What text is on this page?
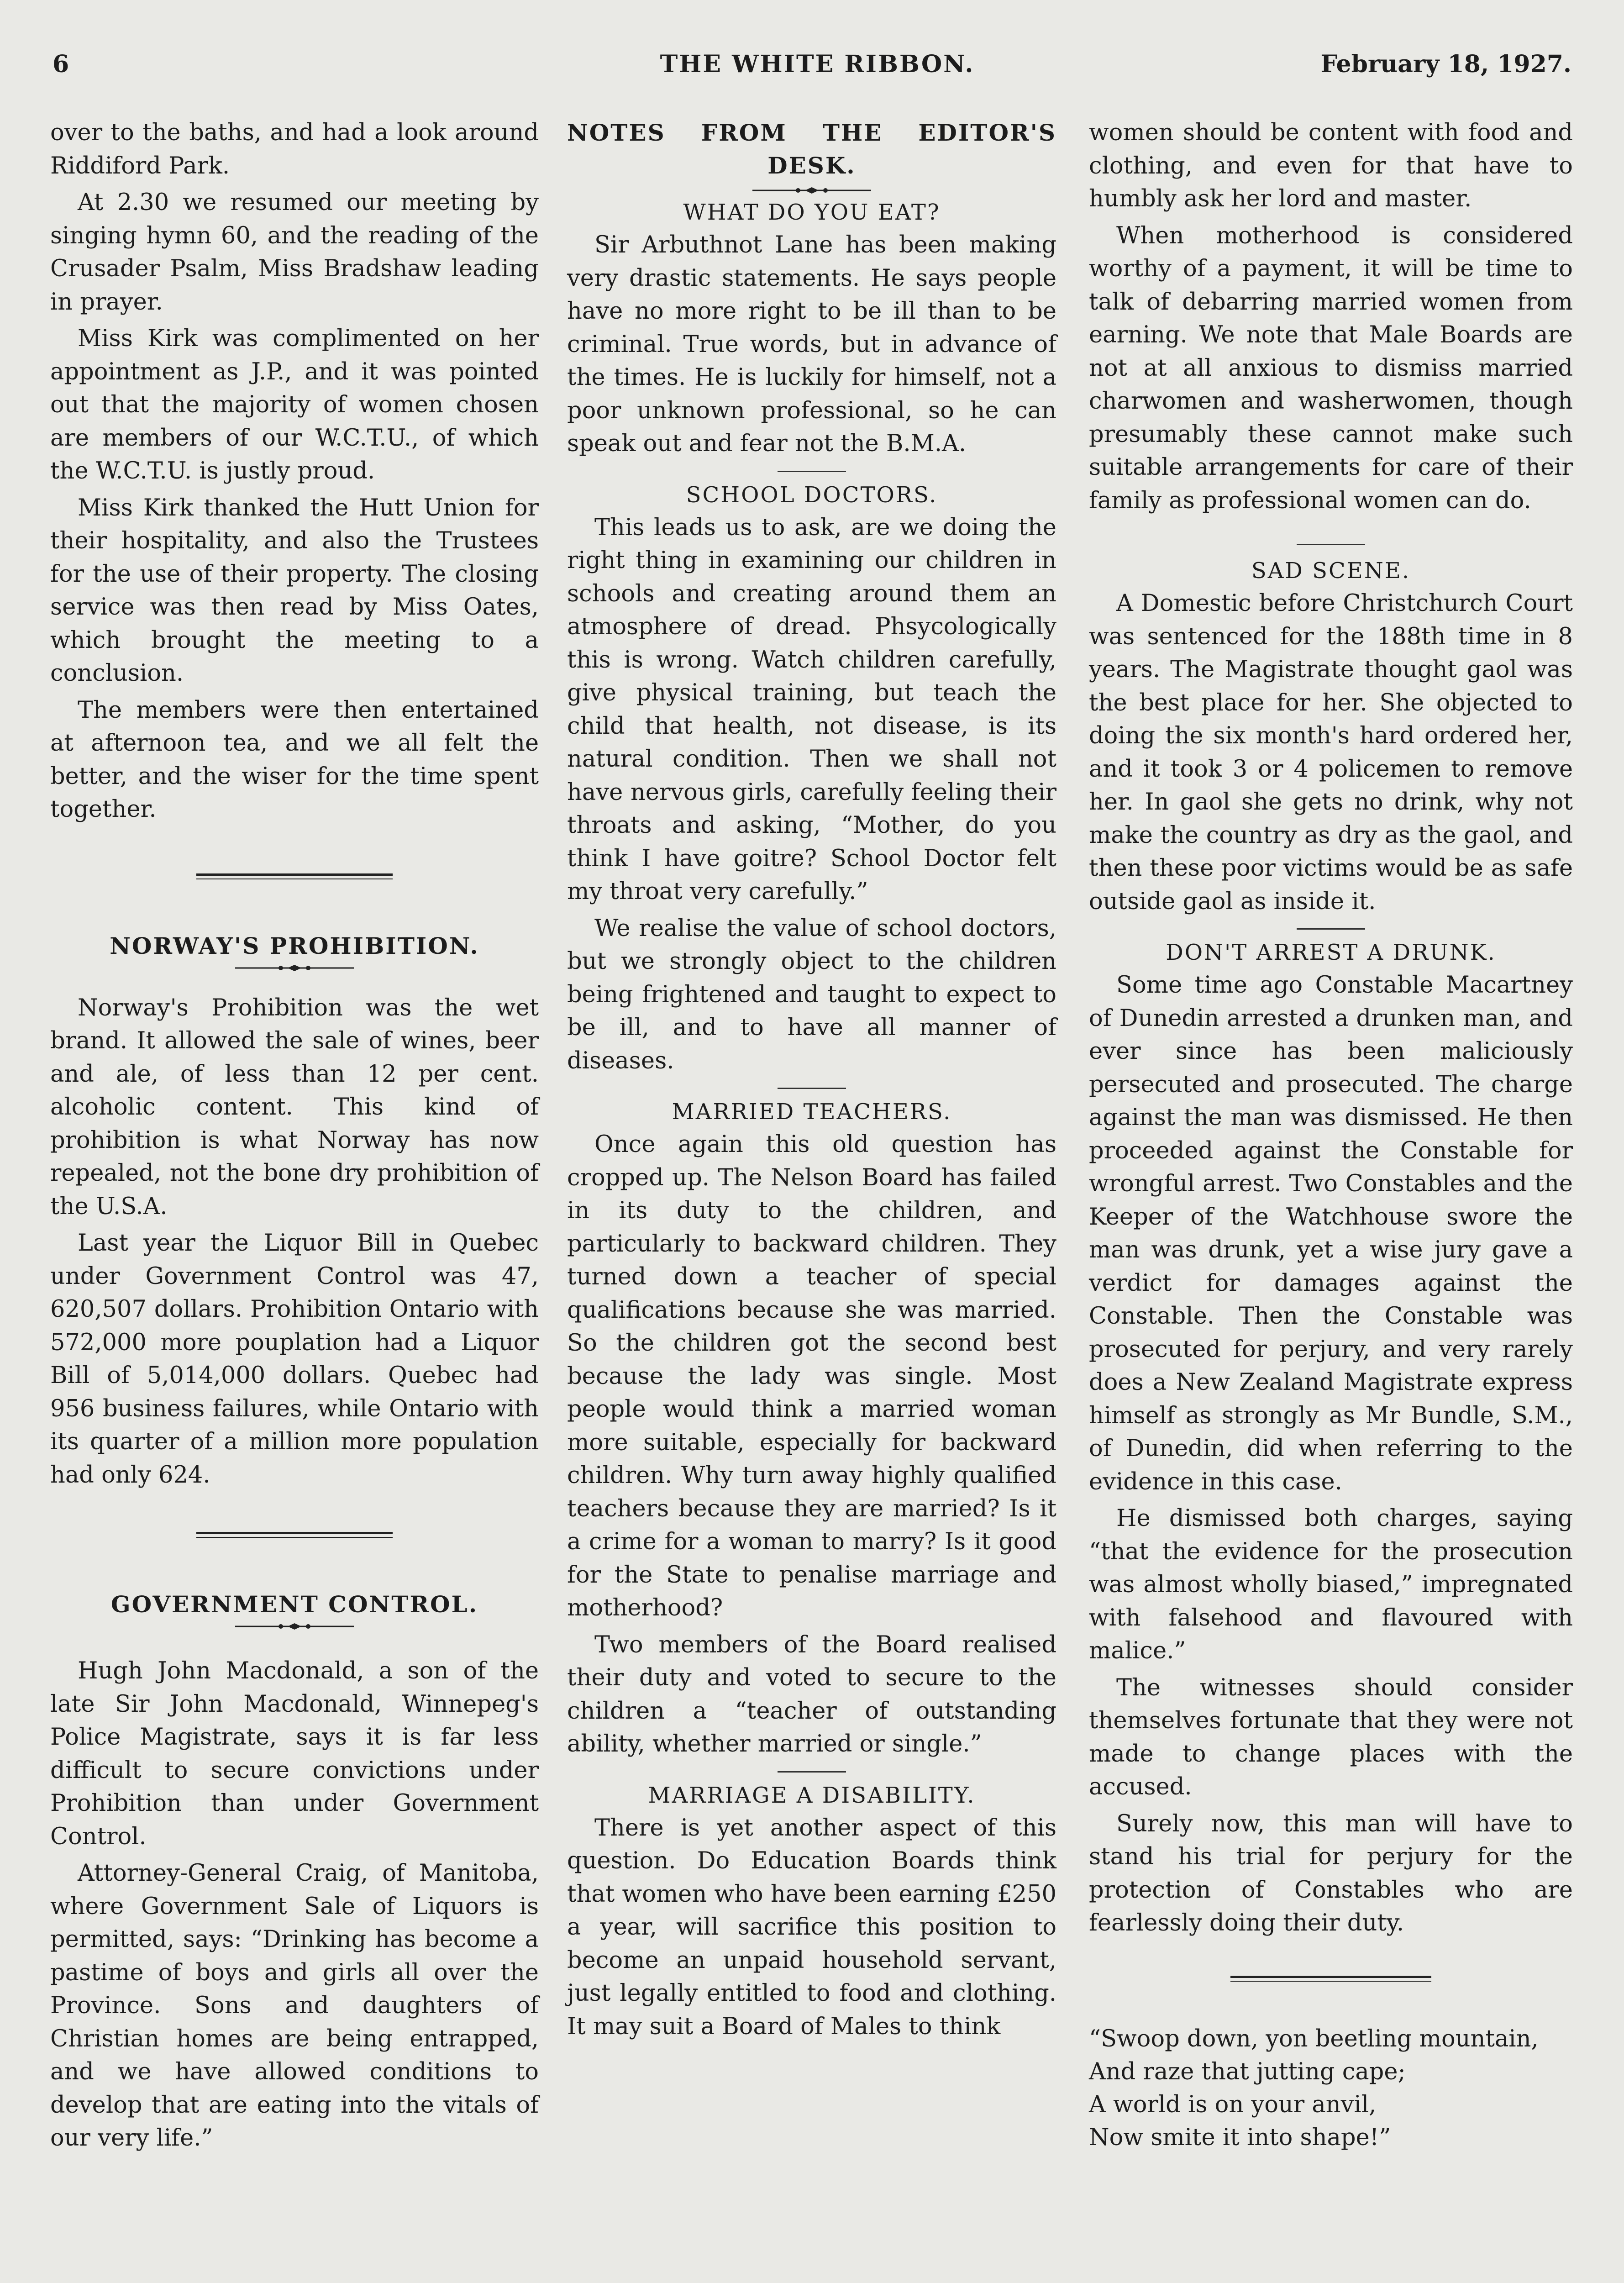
6	THE WHITE RIBBON.	February 18, 1927.

over to the baths, and had a look around Riddiford Park.

At 2.30 we resumed our meeting by singing hymn 60, and the reading of the Crusader Psalm, Miss Bradshaw leading in prayer.

Miss Kirk was complimented on her appointment as J.P., and it was pointed out that the majority of women chosen are members of our W.C.T.U., of which the W.C.T.U. is justly proud.

Miss Kirk thanked the Hutt Union for their hospitality, and also the Trustees for the use of their property. The closing service was then read by Miss Oates, which brought the meeting to a conclusion.

The members were then entertained at afternoon tea, and we all felt the better, and the wiser for the time spent together.

NORWAY'S PROHIBITION.

Norway's Prohibition was the wet brand. It allowed the sale of wines, beer and ale, of less than 12 per cent. alcoholic content. This kind of prohibition is what Norway has now repealed, not the bone dry prohibition of the U.S.A.

Last year the Liquor Bill in Quebec under Government Control was 47, 620,507 dollars. Prohibition Ontario with 572,000 more pouplation had a Liquor Bill of 5,014,000 dollars. Quebec had 956 business failures, while Ontario with its quarter of a million more population had only 624.

GOVERNMENT CONTROL.

Hugh John Macdonald, a son of the late Sir John Macdonald, Winnepeg's Police Magistrate, says it is far less difficult to secure convictions under Prohibition than under Government Control.

Attorney-General Craig, of Manitoba, where Government Sale of Liquors is permitted, says: “Drinking has become a pastime of boys and girls all over the Province. Sons and daughters of Christian homes are being entrapped, and we have allowed conditions to develop that are eating into the vitals of our very life.”

NOTES FROM THE EDITOR'S DESK.
WHAT DO YOU EAT?

Sir Arbuthnot Lane has been making very drastic statements. He says people have no more right to be ill than to be criminal. True words, but in advance of the times. He is luckily for himself, not a poor unknown professional, so he can speak out and fear not the B.M.A.

SCHOOL DOCTORS.

This leads us to ask, are we doing the right thing in examining our children in schools and creating around them an atmosphere of dread. Phsycologically this is wrong. Watch children carefully, give physical training, but teach the child that health, not disease, is its natural condition. Then we shall not have nervous girls, carefully feeling their throats and asking, “Mother, do you think I have goitre? School Doctor felt my throat very carefully.”

We realise the value of school doctors, but we strongly object to the children being frightened and taught to expect to be ill, and to have all manner of diseases.

MARRIED TEACHERS.

Once again this old question has cropped up. The Nelson Board has failed in its duty to the children, and particularly to backward children. They turned down a teacher of special qualifications because she was married. So the children got the second best because the lady was single. Most people would think a married woman more suitable, especially for backward children. Why turn away highly qualified teachers because they are married? Is it a crime for a woman to marry? Is it good for the State to penalise marriage and motherhood?

Two members of the Board realised their duty and voted to secure to the children a “teacher of outstanding ability, whether married or single.”

MARRIAGE A DISABILITY.

There is yet another aspect of this question. Do Education Boards think that women who have been earning £250 a year, will sacrifice this position to become an unpaid household servant, just legally entitled to food and clothing. It may suit a Board of Males to think

women should be content with food and clothing, and even for that have to humbly ask her lord and master.

When motherhood is considered worthy of a payment, it will be time to talk of debarring married women from earning. We note that Male Boards are not at all anxious to dismiss married charwomen and washerwomen, though presumably these cannot make such suitable arrangements for care of their family as professional women can do.

SAD SCENE.

A Domestic before Christchurch Court was sentenced for the 188th time in 8 years. The Magistrate thought gaol was the best place for her. She objected to doing the six month's hard ordered her, and it took 3 or 4 policemen to remove her. In gaol she gets no drink, why not make the country as dry as the gaol, and then these poor victims would be as safe outside gaol as inside it.

DON'T ARREST A DRUNK.

Some time ago Constable Macartney of Dunedin arrested a drunken man, and ever since has been maliciously persecuted and prosecuted. The charge against the man was dismissed. He then proceeded against the Constable for wrongful arrest. Two Constables and the Keeper of the Watchhouse swore the man was drunk, yet a wise jury gave a verdict for damages against the Constable. Then the Constable was prosecuted for perjury, and very rarely does a New Zealand Magistrate express himself as strongly as Mr Bundle, S.M., of Dunedin, did when referring to the evidence in this case.

He dismissed both charges, saying “that the evidence for the prosecution was almost wholly biased,” impregnated with falsehood and flavoured with malice.”

The witnesses should consider themselves fortunate that they were not made to change places with the accused.

Surely now, this man will have to stand his trial for perjury for the protection of Constables who are fearlessly doing their duty.

“Swoop down, yon beetling mountain,
And raze that jutting cape;
A world is on your anvil,
Now smite it into shape!”
